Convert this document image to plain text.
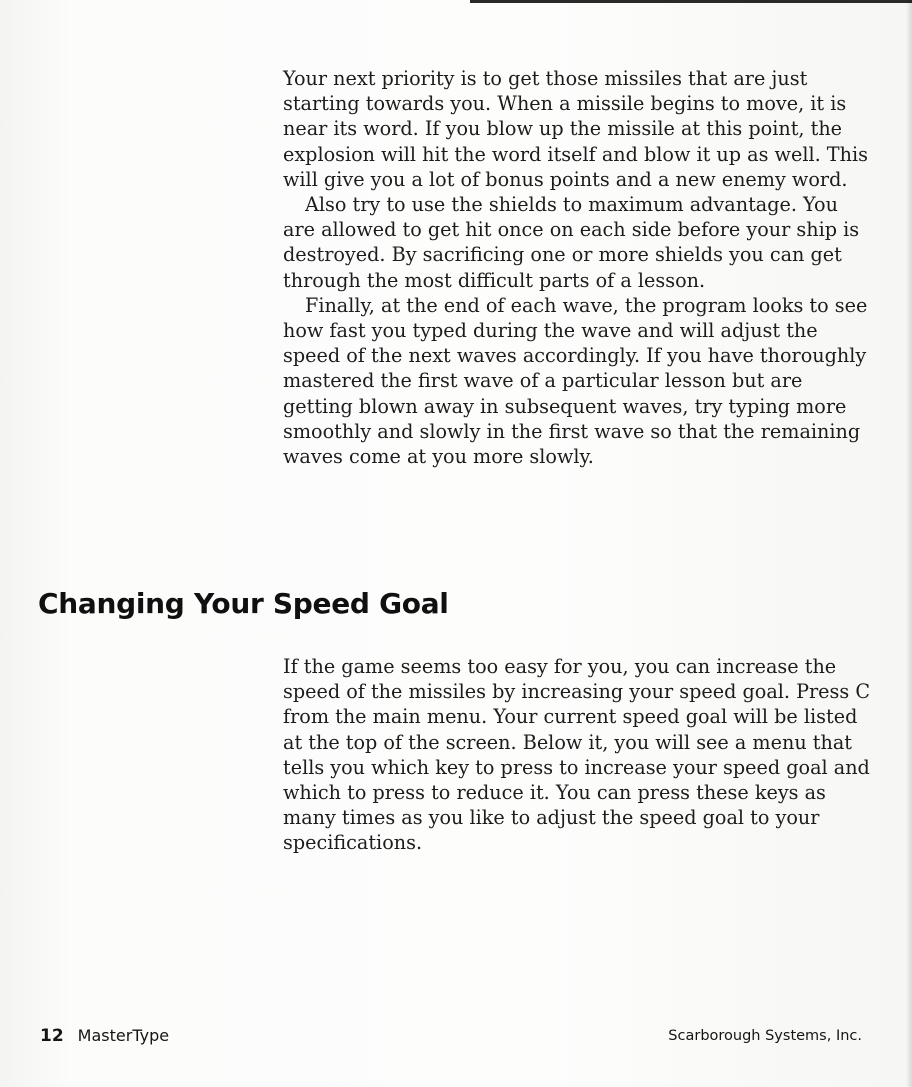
Your next priority is to get those missiles that are just starting towards you. When a missile begins to move, it is near its word. If you blow up the missile at this point, the explosion will hit the word itself and blow it up as well. This will give you a lot of bonus points and a new enemy word.

Also try to use the shields to maximum advantage. You are allowed to get hit once on each side before your ship is destroyed. By sacrificing one or more shields you can get through the most difficult parts of a lesson.

Finally, at the end of each wave, the program looks to see how fast you typed during the wave and will adjust the speed of the next waves accordingly. If you have thoroughly mastered the first wave of a particular lesson but are getting blown away in subsequent waves, try typing more smoothly and slowly in the first wave so that the remaining waves come at you more slowly.

Changing Your Speed Goal

If the game seems too easy for you, you can increase the speed of the missiles by increasing your speed goal. Press C from the main menu. Your current speed goal will be listed at the top of the screen. Below it, you will see a menu that tells you which key to press to increase your speed goal and which to press to reduce it. You can press these keys as many times as you like to adjust the speed goal to your specifications.

12 MasterType	Scarborough Systems, Inc.
